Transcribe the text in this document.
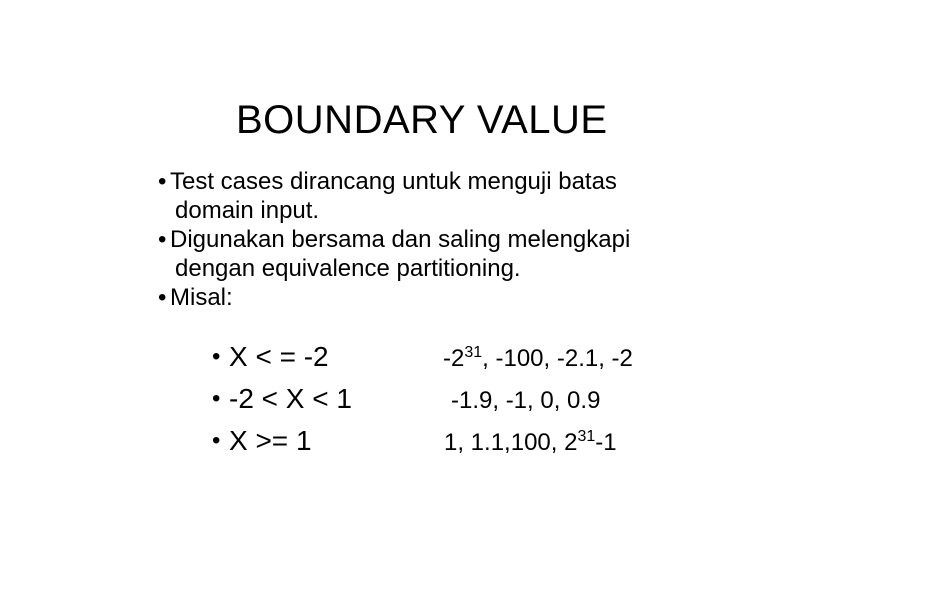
BOUNDARY VALUE
• Test cases dirancang untuk menguji batas
domain input.
• Digunakan bersama dan saling melengkapi
dengan equivalence partitioning.
• Misal:
• X < = -2	$-2^{31}$, -100, -2.1, -2
• -2 < X < 1	-1.9, -1, 0, 0.9
• X >= 1	1, 1.1,100, $2^{31}-1$
